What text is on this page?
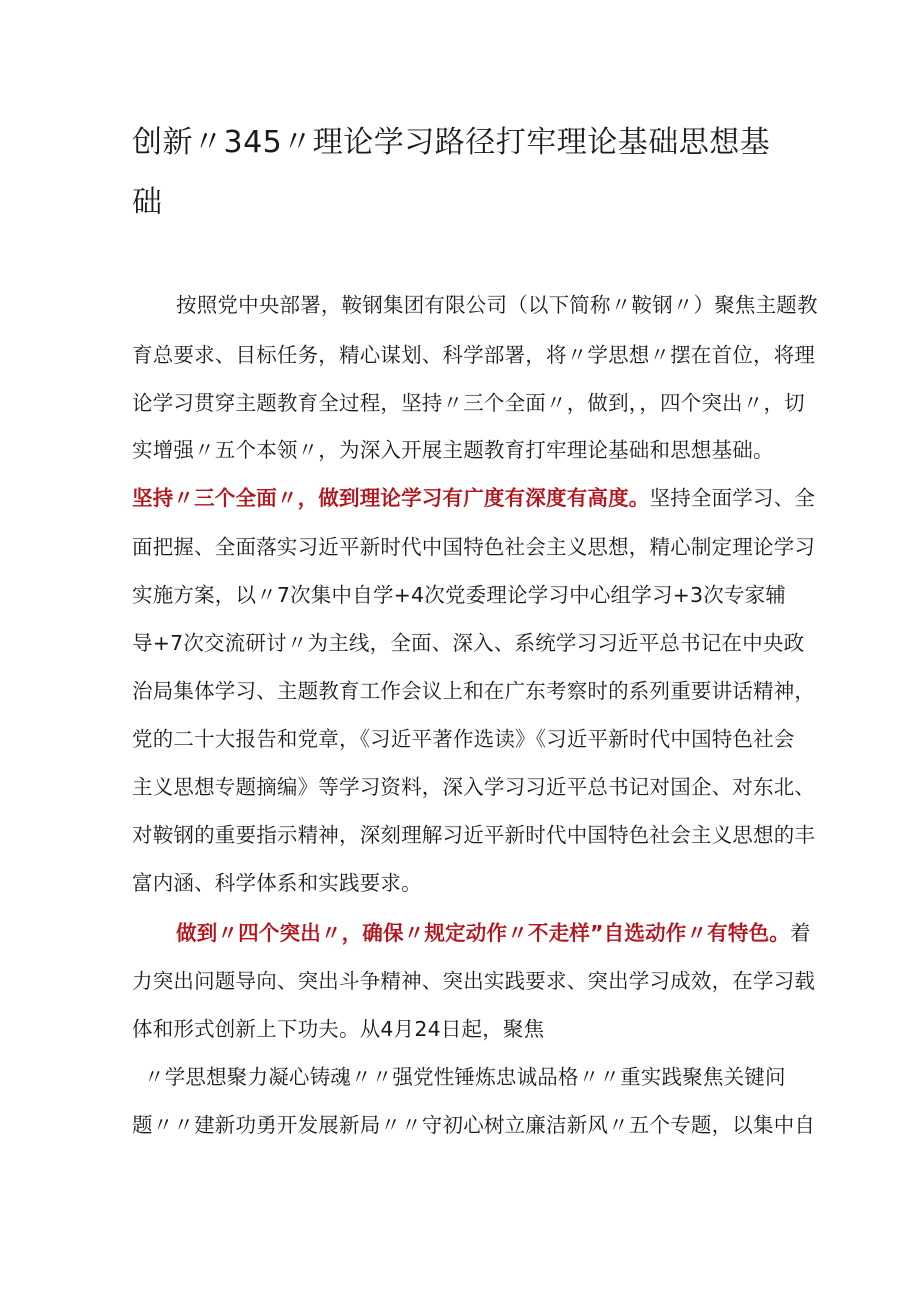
创新〃345〃理论学习路径打牢理论基础思想基
础
按照党中央部署，鞍钢集团有限公司（以下简称〃鞍钢〃）聚焦主题教
育总要求、目标任务，精心谋划、科学部署，将〃学思想〃摆在首位，将理
论学习贯穿主题教育全过程，坚持〃三个全面〃，做到，，四个突出〃，切
实增强〃五个本领〃，为深入开展主题教育打牢理论基础和思想基础。
坚持〃三个全面〃，做到理论学习有广度有深度有高度。坚持全面学习、全
面把握、全面落实习近平新时代中国特色社会主义思想，精心制定理论学习
实施方案，以〃7次集中自学+4次党委理论学习中心组学习+3次专家辅
导+7次交流研讨〃为主线，全面、深入、系统学习习近平总书记在中央政
治局集体学习、主题教育工作会议上和在广东考察时的系列重要讲话精神，
党的二十大报告和党章，《习近平著作选读》《习近平新时代中国特色社会
主义思想专题摘编》等学习资料，深入学习习近平总书记对国企、对东北、
对鞍钢的重要指示精神，深刻理解习近平新时代中国特色社会主义思想的丰
富内涵、科学体系和实践要求。
做到〃四个突出〃，确保〃规定动作〃不走样”自选动作〃有特色。着
力突出问题导向、突出斗争精神、突出实践要求、突出学习成效，在学习载
体和形式创新上下功夫。从4月24日起，聚焦
〃学思想聚力凝心铸魂〃〃强党性锤炼忠诚品格〃〃重实践聚焦关键问
题〃〃建新功勇开发展新局〃〃守初心树立廉洁新风〃五个专题，以集中自
